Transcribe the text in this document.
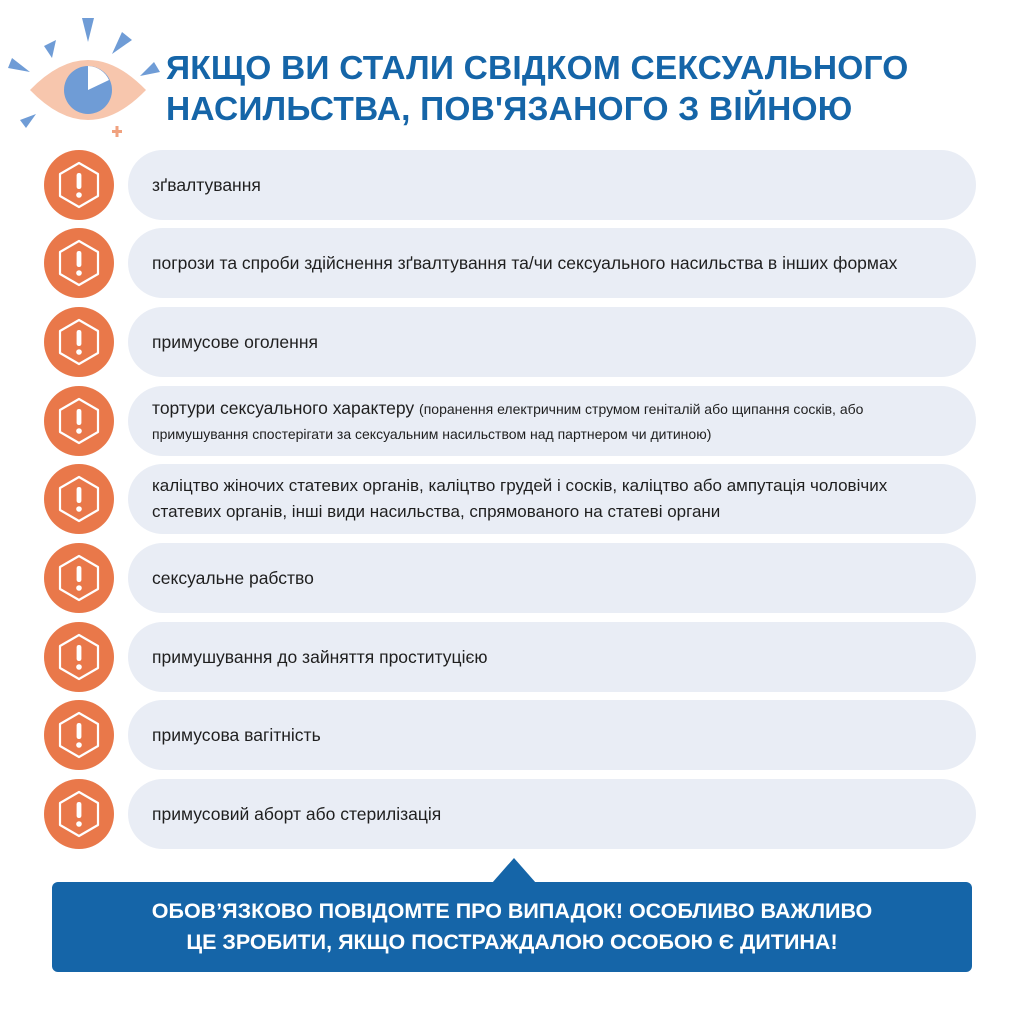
ЯКЩО ВИ СТАЛИ СВІДКОМ СЕКСУАЛЬНОГО
НАСИЛЬСТВА, ПОВ'ЯЗАНОГО З ВІЙНОЮ
зґвалтування
погрози та спроби здійснення зґвалтування та/чи сексуального насильства в інших формах
примусове оголення
тортури сексуального характеру (поранення електричним струмом геніталій або щипання сосків, або примушування спостерігати за сексуальним насильством над партнером чи дитиною)
каліцтво жіночих статевих органів, каліцтво грудей і сосків, каліцтво або ампутація чоловічих статевих органів, інші види насильства, спрямованого на статеві органи
сексуальне рабство
примушування до зайняття проституцією
примусова вагітність
примусовий аборт або стерилізація
ОБОВ’ЯЗКОВО ПОВІДОМТЕ ПРО ВИПАДОК! ОСОБЛИВО ВАЖЛИВО
ЦЕ ЗРОБИТИ, ЯКЩО ПОСТРАЖДАЛОЮ ОСОБОЮ Є ДИТИНА!
